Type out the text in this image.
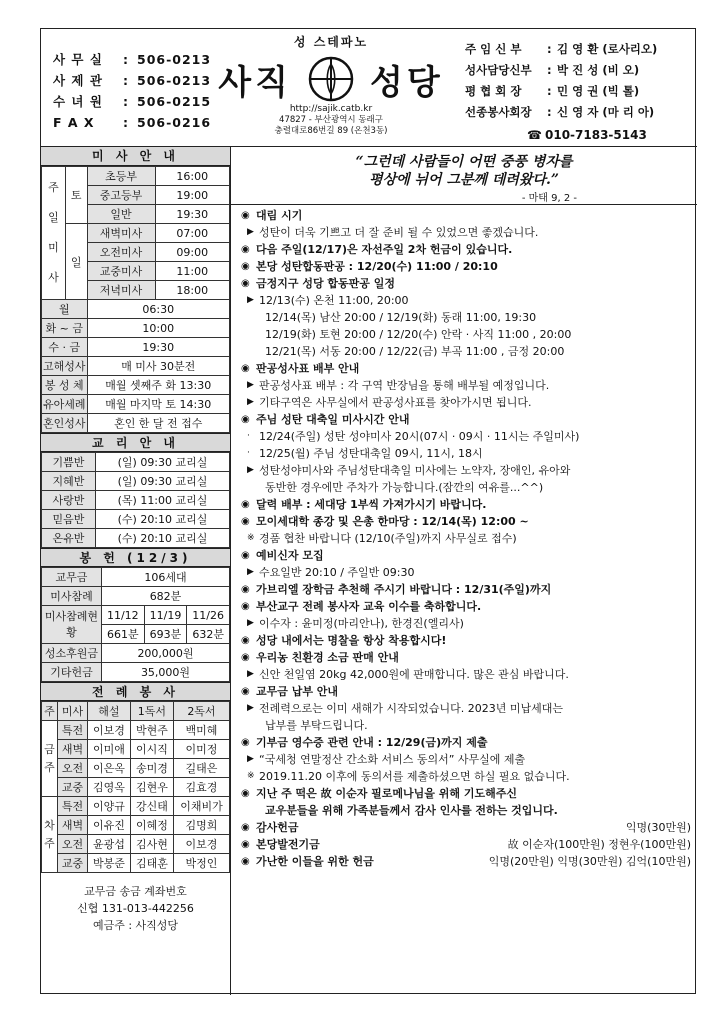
사 무 실	: 506-0213
사 제 관	: 506-0213
수 녀 원	: 506-0215
F A X	: 506-0216
성 스테파노
사직 성당
http://sajik.catb.kr
47827 - 부산광역시 동래구
충렬대로86번길 89 (온천3동)
주 임 신 부	: 김 영 환 (로사리오)
성사담당신부	: 박 진 성 (비 오)
평 협 회 장	: 민 영 권 (빅 톨)
선종봉사회장	: 신 영 자 (마 리 아)
☎ 010-7183-5143
미 사 안 내
주
일
미
사	토	초등부	16:00
		중고등부	19:00
		일반	19:30
	일	새벽미사	07:00
		오전미사	09:00
		교중미사	11:00
		저녁미사	18:00
월		06:30	
화 ~ 금		10:00	
수 · 금		19:30	
고해성사		매 미사 30분전	
봉 성 체		매월 셋째주 화 13:30	
유아세례		매월 마지막 토 14:30	
혼인성사		혼인 한 달 전 접수	
교 리 안 내
기쁨반	(일) 09:30 교리실
지혜반	(일) 09:30 교리실
사랑반	(목) 11:00 교리실
믿음반	(수) 20:10 교리실
온유반	(수) 20:10 교리실
봉 헌 (12/3)
교무금	106세대		
미사참례	682분		
미사참례현황	11/12	11/19	11/26
	661분	693분	632분
성소후원금	200,000원		
기타헌금	35,000원		
전 례 봉 사
주	미사	해설	1독서	2독서
금
주	특전	이보경	박현주	백미혜
	새벽	이미애	이시직	이미정
	오전	이은옥	송미경	길태은
	교중	김영옥	김현우	김효경
차
주	특전	이양규	강신태	이채비가
	새벽	이유진	이혜정	김명희
	오전	윤광섭	김사현	이보경
	교중	박봉준	김태훈	박정인
교무금 송금 계좌번호
신협 131-013-442256
예금주 : 사직성당
“그런데 사람들이 어떤 중풍 병자를
평상에 뉘어 그분께 데려왔다.”
- 마태 9, 2 -
◉ 대림 시기
▶ 성탄이 더욱 기쁘고 더 잘 준비 될 수 있었으면 좋겠습니다.
◉ 다음 주일(12/17)은 자선주일 2차 헌금이 있습니다.
◉ 본당 성탄합동판공 : 12/20(수) 11:00 / 20:10
◉ 금정지구 성당 합동판공 일정
▶ 12/13(수) 온천 11:00, 20:00
12/14(목) 남산 20:00 / 12/19(화) 동래 11:00, 19:30
12/19(화) 토현 20:00 / 12/20(수) 안락 · 사직 11:00 , 20:00
12/21(목) 서동 20:00 / 12/22(금) 부곡 11:00 , 금정 20:00
◉ 판공성사표 배부 안내
▶ 판공성사표 배부 : 각 구역 반장님을 통해 배부될 예정입니다.
▶ 기타구역은 사무실에서 판공성사표를 찾아가시면 됩니다.
◉ 주님 성탄 대축일 미사시간 안내
· 12/24(주일) 성탄 성야미사 20시(07시 · 09시 · 11시는 주일미사)
· 12/25(월) 주님 성탄대축일 09시, 11시, 18시
▶ 성탄성야미사와 주님성탄대축일 미사에는 노약자, 장애인, 유아와
동반한 경우에만 주차가 가능합니다.(잠깐의 여유를...^^)
◉ 달력 배부 : 세대당 1부씩 가져가시기 바랍니다.
◉ 모이세대학 종강 및 은총 한마당 : 12/14(목) 12:00 ~
※ 경품 협찬 바랍니다 (12/10(주일)까지 사무실로 접수)
◉ 예비신자 모집
▶ 수요일반 20:10 / 주일반 09:30
◉ 가브리엘 장학금 추천해 주시기 바랍니다 : 12/31(주일)까지
◉ 부산교구 전례 봉사자 교육 이수를 축하합니다.
▶ 이수자 : 윤미정(마리안나), 한경진(엘리사)
◉ 성당 내에서는 명찰을 항상 착용합시다!
◉ 우리농 친환경 소금 판매 안내
▶ 신안 천일염 20kg 42,000원에 판매합니다. 많은 관심 바랍니다.
◉ 교무금 납부 안내
▶ 전례력으로는 이미 새해가 시작되었습니다. 2023년 미납세대는
납부를 부탁드립니다.
◉ 기부금 영수증 관련 안내 : 12/29(금)까지 제출
▶ “국세청 연말정산 간소화 서비스 동의서” 사무실에 제출
※ 2019.11.20 이후에 동의서를 제출하셨으면 하실 필요 없습니다.
◉ 지난 주 떡은 故 이순자 필로메나님을 위해 기도해주신
교우분들을 위해 가족분들께서 감사 인사를 전하는 것입니다.
◉ 감사헌금	익명(30만원)
◉ 본당발전기금	故 이순자(100만원) 정현우(100만원)
◉ 가난한 이들을 위한 헌금	익명(20만원) 익명(30만원) 김억(10만원)
